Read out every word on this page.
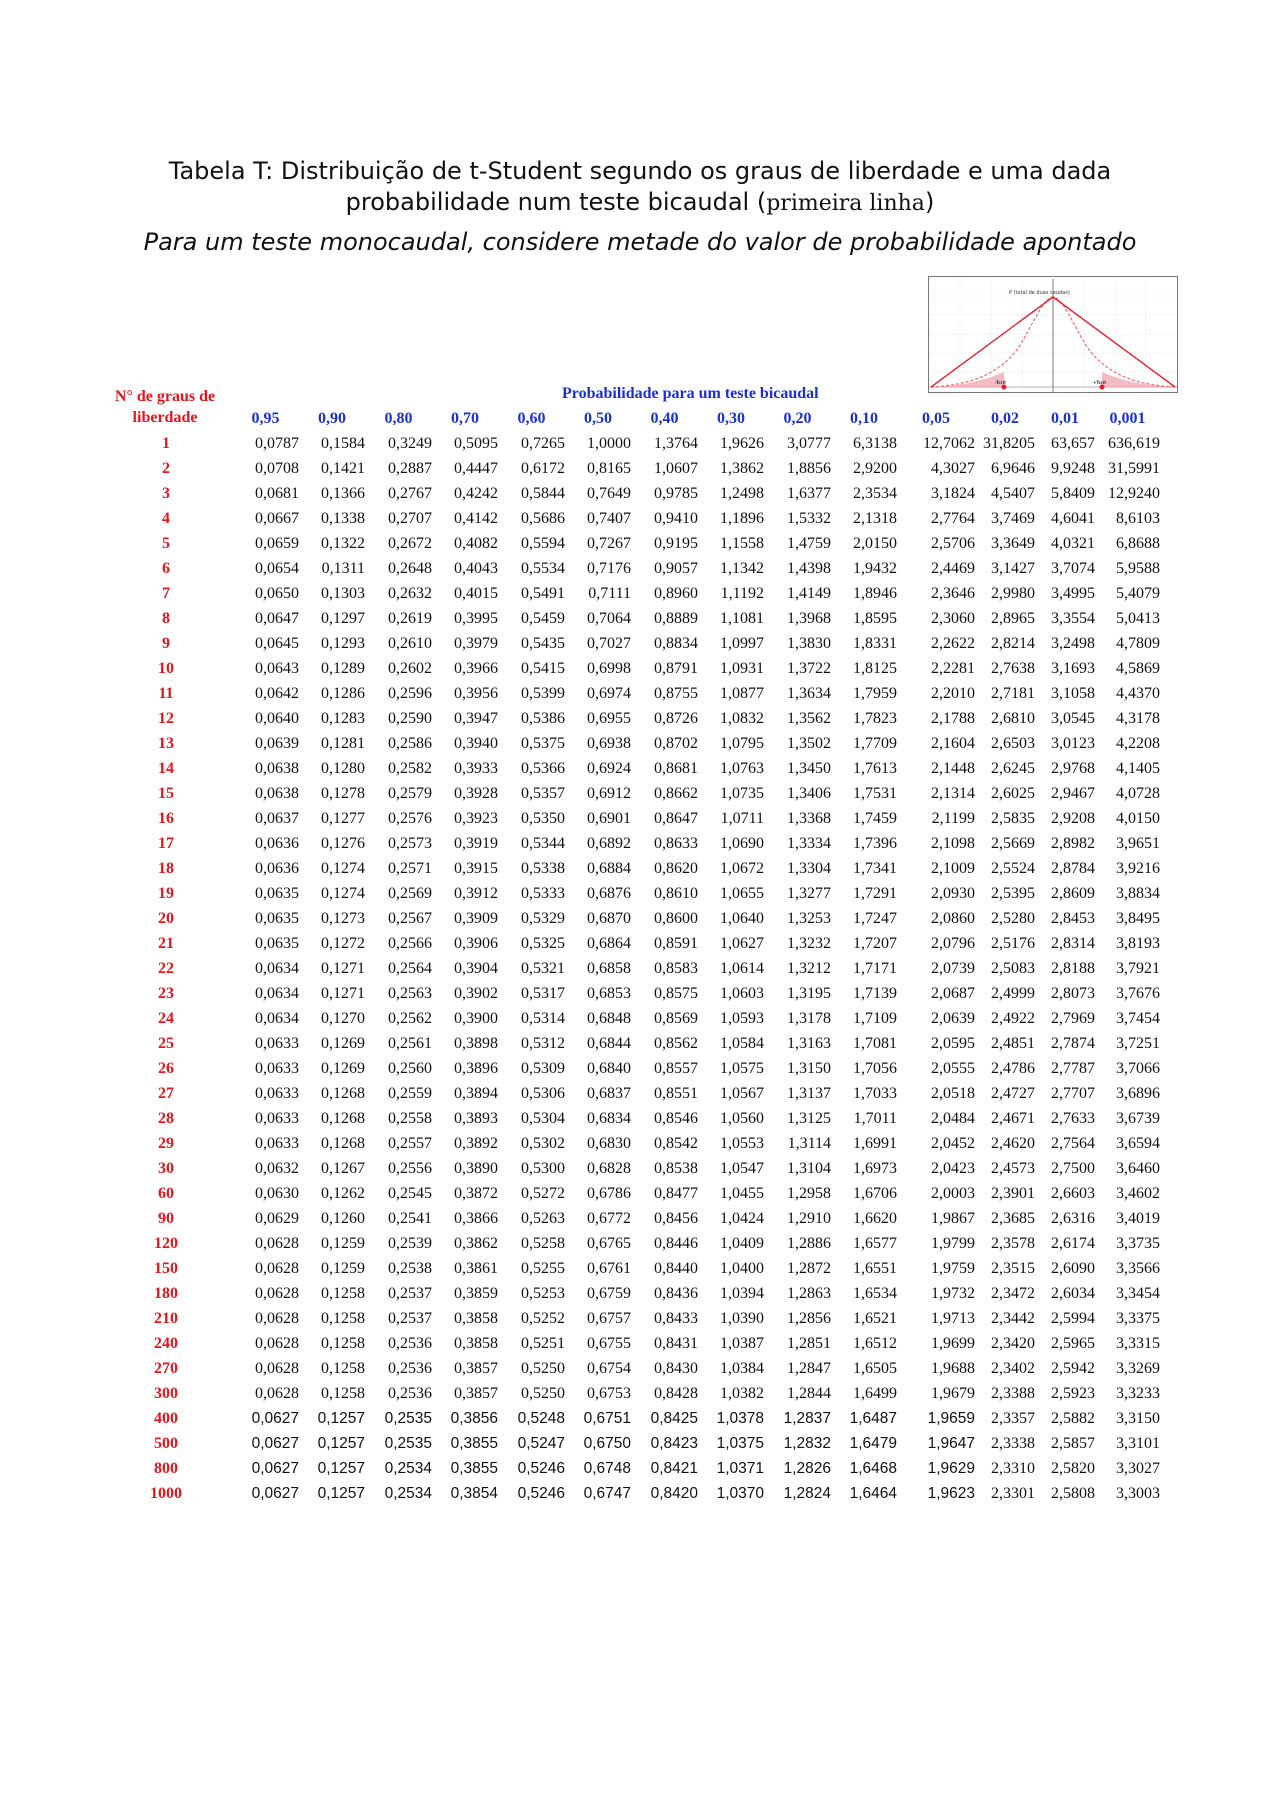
Tabela T: Distribuição de t-Student segundo os graus de liberdade e uma dada
probabilidade num teste bicaudal (primeira linha)
Para um teste monocaudal, considere metade do valor de probabilidade apontado
P (total de duas caudas)
-Tcrít	+Tcrít
N° de graus de
liberdade
Probabilidade para um teste bicaudal
	0,95	0,90	0,80	0,70	0,60	0,50	0,40	0,30	0,20	0,10	0,05	0,02	0,01	0,001
1	0,0787	0,1584	0,3249	0,5095	0,7265	1,0000	1,3764	1,9626	3,0777	6,3138	12,7062	31,8205	63,657	636,619
2	0,0708	0,1421	0,2887	0,4447	0,6172	0,8165	1,0607	1,3862	1,8856	2,9200	4,3027	6,9646	9,9248	31,5991
3	0,0681	0,1366	0,2767	0,4242	0,5844	0,7649	0,9785	1,2498	1,6377	2,3534	3,1824	4,5407	5,8409	12,9240
4	0,0667	0,1338	0,2707	0,4142	0,5686	0,7407	0,9410	1,1896	1,5332	2,1318	2,7764	3,7469	4,6041	8,6103
5	0,0659	0,1322	0,2672	0,4082	0,5594	0,7267	0,9195	1,1558	1,4759	2,0150	2,5706	3,3649	4,0321	6,8688
6	0,0654	0,1311	0,2648	0,4043	0,5534	0,7176	0,9057	1,1342	1,4398	1,9432	2,4469	3,1427	3,7074	5,9588
7	0,0650	0,1303	0,2632	0,4015	0,5491	0,7111	0,8960	1,1192	1,4149	1,8946	2,3646	2,9980	3,4995	5,4079
8	0,0647	0,1297	0,2619	0,3995	0,5459	0,7064	0,8889	1,1081	1,3968	1,8595	2,3060	2,8965	3,3554	5,0413
9	0,0645	0,1293	0,2610	0,3979	0,5435	0,7027	0,8834	1,0997	1,3830	1,8331	2,2622	2,8214	3,2498	4,7809
10	0,0643	0,1289	0,2602	0,3966	0,5415	0,6998	0,8791	1,0931	1,3722	1,8125	2,2281	2,7638	3,1693	4,5869
11	0,0642	0,1286	0,2596	0,3956	0,5399	0,6974	0,8755	1,0877	1,3634	1,7959	2,2010	2,7181	3,1058	4,4370
12	0,0640	0,1283	0,2590	0,3947	0,5386	0,6955	0,8726	1,0832	1,3562	1,7823	2,1788	2,6810	3,0545	4,3178
13	0,0639	0,1281	0,2586	0,3940	0,5375	0,6938	0,8702	1,0795	1,3502	1,7709	2,1604	2,6503	3,0123	4,2208
14	0,0638	0,1280	0,2582	0,3933	0,5366	0,6924	0,8681	1,0763	1,3450	1,7613	2,1448	2,6245	2,9768	4,1405
15	0,0638	0,1278	0,2579	0,3928	0,5357	0,6912	0,8662	1,0735	1,3406	1,7531	2,1314	2,6025	2,9467	4,0728
16	0,0637	0,1277	0,2576	0,3923	0,5350	0,6901	0,8647	1,0711	1,3368	1,7459	2,1199	2,5835	2,9208	4,0150
17	0,0636	0,1276	0,2573	0,3919	0,5344	0,6892	0,8633	1,0690	1,3334	1,7396	2,1098	2,5669	2,8982	3,9651
18	0,0636	0,1274	0,2571	0,3915	0,5338	0,6884	0,8620	1,0672	1,3304	1,7341	2,1009	2,5524	2,8784	3,9216
19	0,0635	0,1274	0,2569	0,3912	0,5333	0,6876	0,8610	1,0655	1,3277	1,7291	2,0930	2,5395	2,8609	3,8834
20	0,0635	0,1273	0,2567	0,3909	0,5329	0,6870	0,8600	1,0640	1,3253	1,7247	2,0860	2,5280	2,8453	3,8495
21	0,0635	0,1272	0,2566	0,3906	0,5325	0,6864	0,8591	1,0627	1,3232	1,7207	2,0796	2,5176	2,8314	3,8193
22	0,0634	0,1271	0,2564	0,3904	0,5321	0,6858	0,8583	1,0614	1,3212	1,7171	2,0739	2,5083	2,8188	3,7921
23	0,0634	0,1271	0,2563	0,3902	0,5317	0,6853	0,8575	1,0603	1,3195	1,7139	2,0687	2,4999	2,8073	3,7676
24	0,0634	0,1270	0,2562	0,3900	0,5314	0,6848	0,8569	1,0593	1,3178	1,7109	2,0639	2,4922	2,7969	3,7454
25	0,0633	0,1269	0,2561	0,3898	0,5312	0,6844	0,8562	1,0584	1,3163	1,7081	2,0595	2,4851	2,7874	3,7251
26	0,0633	0,1269	0,2560	0,3896	0,5309	0,6840	0,8557	1,0575	1,3150	1,7056	2,0555	2,4786	2,7787	3,7066
27	0,0633	0,1268	0,2559	0,3894	0,5306	0,6837	0,8551	1,0567	1,3137	1,7033	2,0518	2,4727	2,7707	3,6896
28	0,0633	0,1268	0,2558	0,3893	0,5304	0,6834	0,8546	1,0560	1,3125	1,7011	2,0484	2,4671	2,7633	3,6739
29	0,0633	0,1268	0,2557	0,3892	0,5302	0,6830	0,8542	1,0553	1,3114	1,6991	2,0452	2,4620	2,7564	3,6594
30	0,0632	0,1267	0,2556	0,3890	0,5300	0,6828	0,8538	1,0547	1,3104	1,6973	2,0423	2,4573	2,7500	3,6460
60	0,0630	0,1262	0,2545	0,3872	0,5272	0,6786	0,8477	1,0455	1,2958	1,6706	2,0003	2,3901	2,6603	3,4602
90	0,0629	0,1260	0,2541	0,3866	0,5263	0,6772	0,8456	1,0424	1,2910	1,6620	1,9867	2,3685	2,6316	3,4019
120	0,0628	0,1259	0,2539	0,3862	0,5258	0,6765	0,8446	1,0409	1,2886	1,6577	1,9799	2,3578	2,6174	3,3735
150	0,0628	0,1259	0,2538	0,3861	0,5255	0,6761	0,8440	1,0400	1,2872	1,6551	1,9759	2,3515	2,6090	3,3566
180	0,0628	0,1258	0,2537	0,3859	0,5253	0,6759	0,8436	1,0394	1,2863	1,6534	1,9732	2,3472	2,6034	3,3454
210	0,0628	0,1258	0,2537	0,3858	0,5252	0,6757	0,8433	1,0390	1,2856	1,6521	1,9713	2,3442	2,5994	3,3375
240	0,0628	0,1258	0,2536	0,3858	0,5251	0,6755	0,8431	1,0387	1,2851	1,6512	1,9699	2,3420	2,5965	3,3315
270	0,0628	0,1258	0,2536	0,3857	0,5250	0,6754	0,8430	1,0384	1,2847	1,6505	1,9688	2,3402	2,5942	3,3269
300	0,0628	0,1258	0,2536	0,3857	0,5250	0,6753	0,8428	1,0382	1,2844	1,6499	1,9679	2,3388	2,5923	3,3233
400	0,0627	0,1257	0,2535	0,3856	0,5248	0,6751	0,8425	1,0378	1,2837	1,6487	1,9659	2,3357	2,5882	3,3150
500	0,0627	0,1257	0,2535	0,3855	0,5247	0,6750	0,8423	1,0375	1,2832	1,6479	1,9647	2,3338	2,5857	3,3101
800	0,0627	0,1257	0,2534	0,3855	0,5246	0,6748	0,8421	1,0371	1,2826	1,6468	1,9629	2,3310	2,5820	3,3027
1000	0,0627	0,1257	0,2534	0,3854	0,5246	0,6747	0,8420	1,0370	1,2824	1,6464	1,9623	2,3301	2,5808	3,3003
